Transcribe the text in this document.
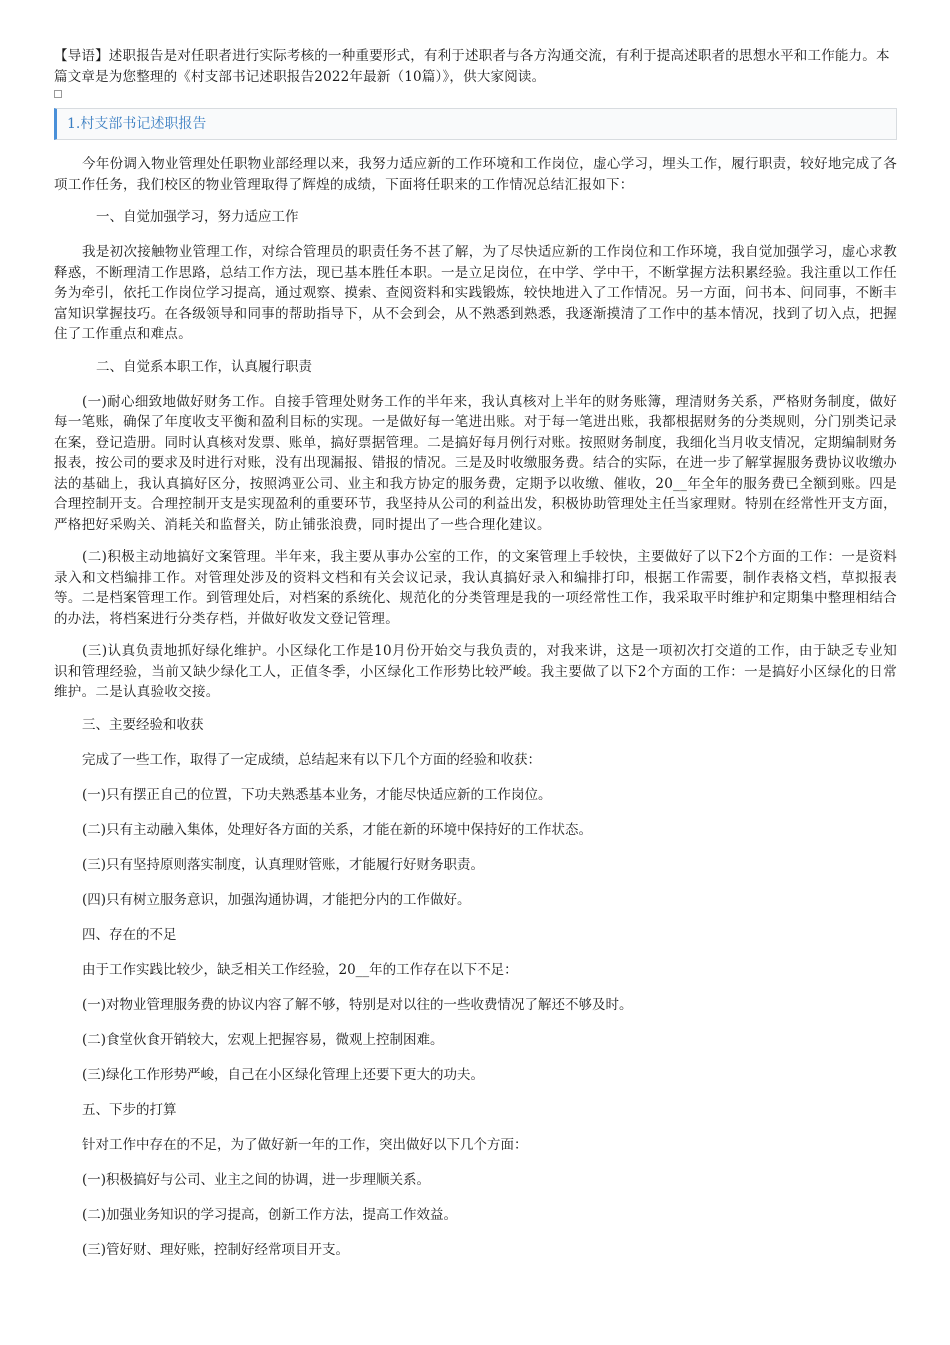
【导语】述职报告是对任职者进⾏实际考核的⼀种重要形式，有利于述职者与各⽅沟通交流，有利于提⾼述职者的思想⽔平和⼯作能⼒。本篇⽂章是为您整理的《村⽀部书记述职报告2022年最新（10篇）》，供⼤家阅读。

1.村⽀部书记述职报告

今年份调⼊物业管理处任职物业部经理以来，我努⼒适应新的⼯作环境和⼯作岗位，虚⼼学习，埋头⼯作，履⾏职责，较好地完成了各项⼯作任务，我们校区的物业管理取得了辉煌的成绩，下⾯将任职来的⼯作情况总结汇报如下：

⼀、⾃觉加强学习，努⼒适应⼯作

我是初次接触物业管理⼯作，对综合管理员的职责任务不甚了解，为了尽快适应新的⼯作岗位和⼯作环境，我⾃觉加强学习，虚⼼求教释惑，不断理清⼯作思路，总结⼯作⽅法，现已基本胜任本职。⼀是⽴⾜岗位，在中学、学中⼲，不断掌握⽅法积累经验。我注重以⼯作任务为牵引，依托⼯作岗位学习提⾼，通过观察、摸索、查阅资料和实践锻炼，较快地进⼊了⼯作情况。另⼀⽅⾯，问书本、问同事，不断丰富知识掌握技巧。在各级领导和同事的帮助指导下，从不会到会，从不熟悉到熟悉，我逐渐摸清了⼯作中的基本情况，找到了切⼊点，把握住了⼯作重点和难点。

⼆、⾃觉系本职⼯作，认真履⾏职责

(⼀)耐⼼细致地做好财务⼯作。⾃接⼿管理处财务⼯作的半年来，我认真核对上半年的财务账簿，理清财务关系，严格财务制度，做好每⼀笔账，确保了年度收⽀平衡和盈利⽬标的实现。⼀是做好每⼀笔进出账。对于每⼀笔进出账，我都根据财务的分类规则，分门别类记录在案，登记造册。同时认真核对发票、账单，搞好票据管理。⼆是搞好每⽉例⾏对账。按照财务制度，我细化当⽉收⽀情况，定期编制财务报表，按公司的要求及时进⾏对账，没有出现漏报、错报的情况。三是及时收缴服务费。结合的实际，在进⼀步了解掌握服务费协议收缴办法的基础上，我认真搞好区分，按照鸿亚公司、业主和我⽅协定的服务费，定期予以收缴、催收，20__年全年的服务费已全额到账。四是合理控制开⽀。合理控制开⽀是实现盈利的重要环节，我坚持从公司的利益出发，积极协助管理处主任当家理财。特别在经常性开⽀⽅⾯，严格把好采购关、消耗关和监督关，防⽌铺张浪费，同时提出了⼀些合理化建议。

(⼆)积极主动地搞好⽂案管理。半年来，我主要从事办公室的⼯作，的⽂案管理上⼿较快，主要做好了以下2个⽅⾯的⼯作：⼀是资料录⼊和⽂档编排⼯作。对管理处涉及的资料⽂档和有关会议记录，我认真搞好录⼊和编排打印，根据⼯作需要，制作表格⽂档，草拟报表等。⼆是档案管理⼯作。到管理处后，对档案的系统化、规范化的分类管理是我的⼀项经常性⼯作，我采取平时维护和定期集中整理相结合的办法，将档案进⾏分类存档，并做好收发⽂登记管理。

(三)认真负责地抓好绿化维护。⼩区绿化⼯作是10⽉份开始交与我负责的，对我来讲，这是⼀项初次打交道的⼯作，由于缺乏专业知识和管理经验，当前⼜缺少绿化⼯⼈，正值冬季，⼩区绿化⼯作形势⽐较严峻。我主要做了以下2个⽅⾯的⼯作：⼀是搞好⼩区绿化的⽇常维护。⼆是认真验收交接。

三、主要经验和收获

完成了⼀些⼯作，取得了⼀定成绩，总结起来有以下⼏个⽅⾯的经验和收获：

(⼀)只有摆正⾃⼰的位置，下功夫熟悉基本业务，才能尽快适应新的⼯作岗位。

(⼆)只有主动融⼊集体，处理好各⽅⾯的关系，才能在新的环境中保持好的⼯作状态。

(三)只有坚持原则落实制度，认真理财管账，才能履⾏好财务职责。

(四)只有树⽴服务意识，加强沟通协调，才能把分内的⼯作做好。

四、存在的不⾜

由于⼯作实践⽐较少，缺乏相关⼯作经验，20__年的⼯作存在以下不⾜：

(⼀)对物业管理服务费的协议内容了解不够，特别是对以往的⼀些收费情况了解还不够及时。

(⼆)⾷堂伙⾷开销较⼤，宏观上把握容易，微观上控制困难。

(三)绿化⼯作形势严峻，⾃⼰在⼩区绿化管理上还要下更⼤的功夫。

五、下步的打算

针对⼯作中存在的不⾜，为了做好新⼀年的⼯作，突出做好以下⼏个⽅⾯：

(⼀)积极搞好与公司、业主之间的协调，进⼀步理顺关系。

(⼆)加强业务知识的学习提⾼，创新⼯作⽅法，提⾼⼯作效益。

(三)管好财、理好账，控制好经常项⽬开⽀。
